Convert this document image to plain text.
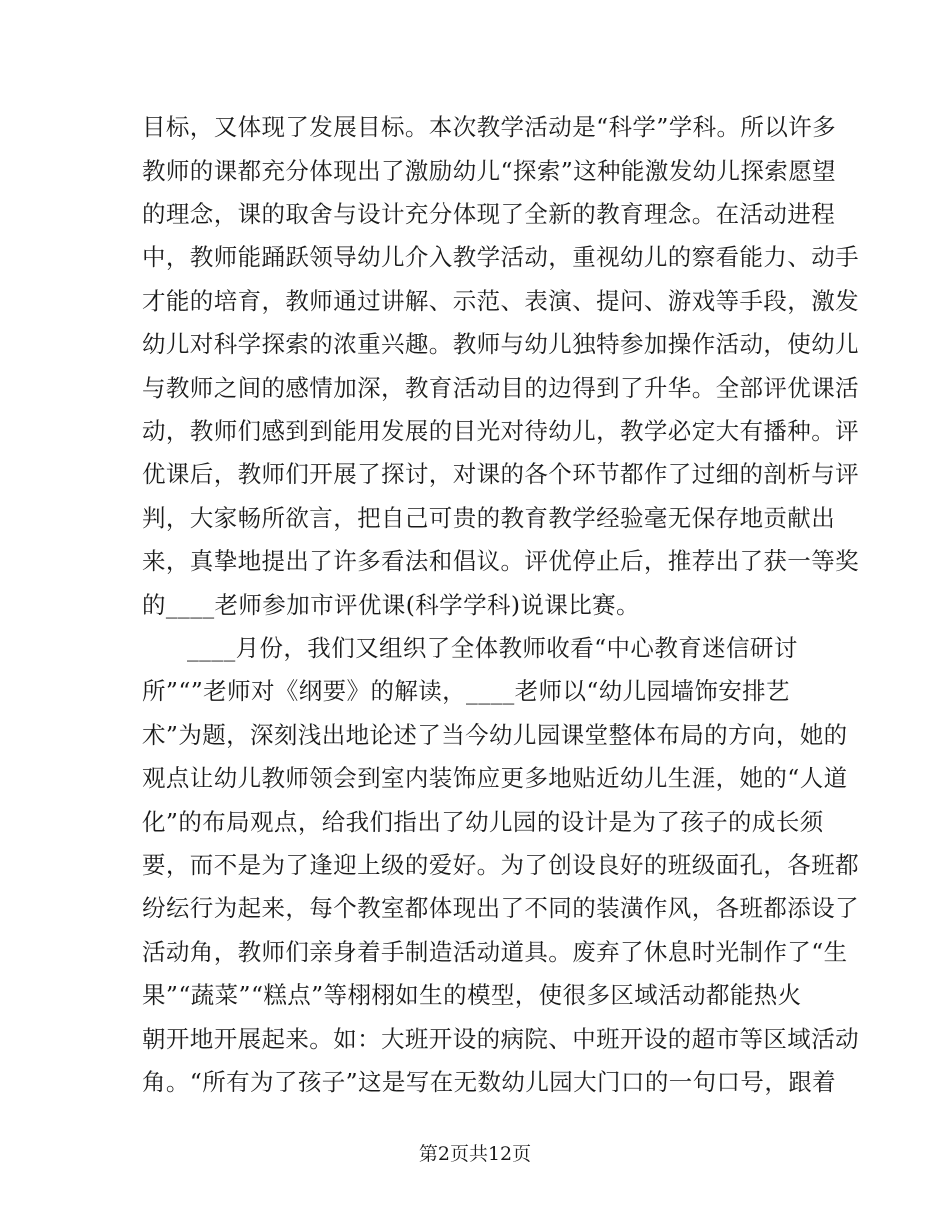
目标，又体现了发展目标。本次教学活动是“科学”学科。所以许多
教师的课都充分体现出了激励幼儿“探索”这种能激发幼儿探索愿望
的理念，课的取舍与设计充分体现了全新的教育理念。在活动进程
中，教师能踊跃领导幼儿介入教学活动，重视幼儿的察看能力、动手
才能的培育，教师通过讲解、示范、表演、提问、游戏等手段，激发
幼儿对科学探索的浓重兴趣。教师与幼儿独特参加操作活动，使幼儿
与教师之间的感情加深，教育活动目的边得到了升华。全部评优课活
动，教师们感到到能用发展的目光对待幼儿，教学必定大有播种。评
优课后，教师们开展了探讨，对课的各个环节都作了过细的剖析与评
判，大家畅所欲言，把自己可贵的教育教学经验毫无保存地贡献出
来，真挚地提出了许多看法和倡议。评优停止后，推荐出了获一等奖
的____老师参加市评优课(科学学科)说课比赛。
____月份，我们又组织了全体教师收看“中心教育迷信研讨
所”“”老师对《纲要》的解读，____老师以“幼儿园墙饰安排艺
术”为题，深刻浅出地论述了当今幼儿园课堂整体布局的方向，她的
观点让幼儿教师领会到室内装饰应更多地贴近幼儿生涯，她的“人道
化”的布局观点，给我们指出了幼儿园的设计是为了孩子的成长须
要，而不是为了逢迎上级的爱好。为了创设良好的班级面孔，各班都
纷纭行为起来，每个教室都体现出了不同的装潢作风，各班都添设了
活动角，教师们亲身着手制造活动道具。废弃了休息时光制作了“生
果”“蔬菜”“糕点”等栩栩如生的模型，使很多区域活动都能热火
朝开地开展起来。如：大班开设的病院、中班开设的超市等区域活动
角。“所有为了孩子”这是写在无数幼儿园大门口的一句口号，跟着
第2页共12页
